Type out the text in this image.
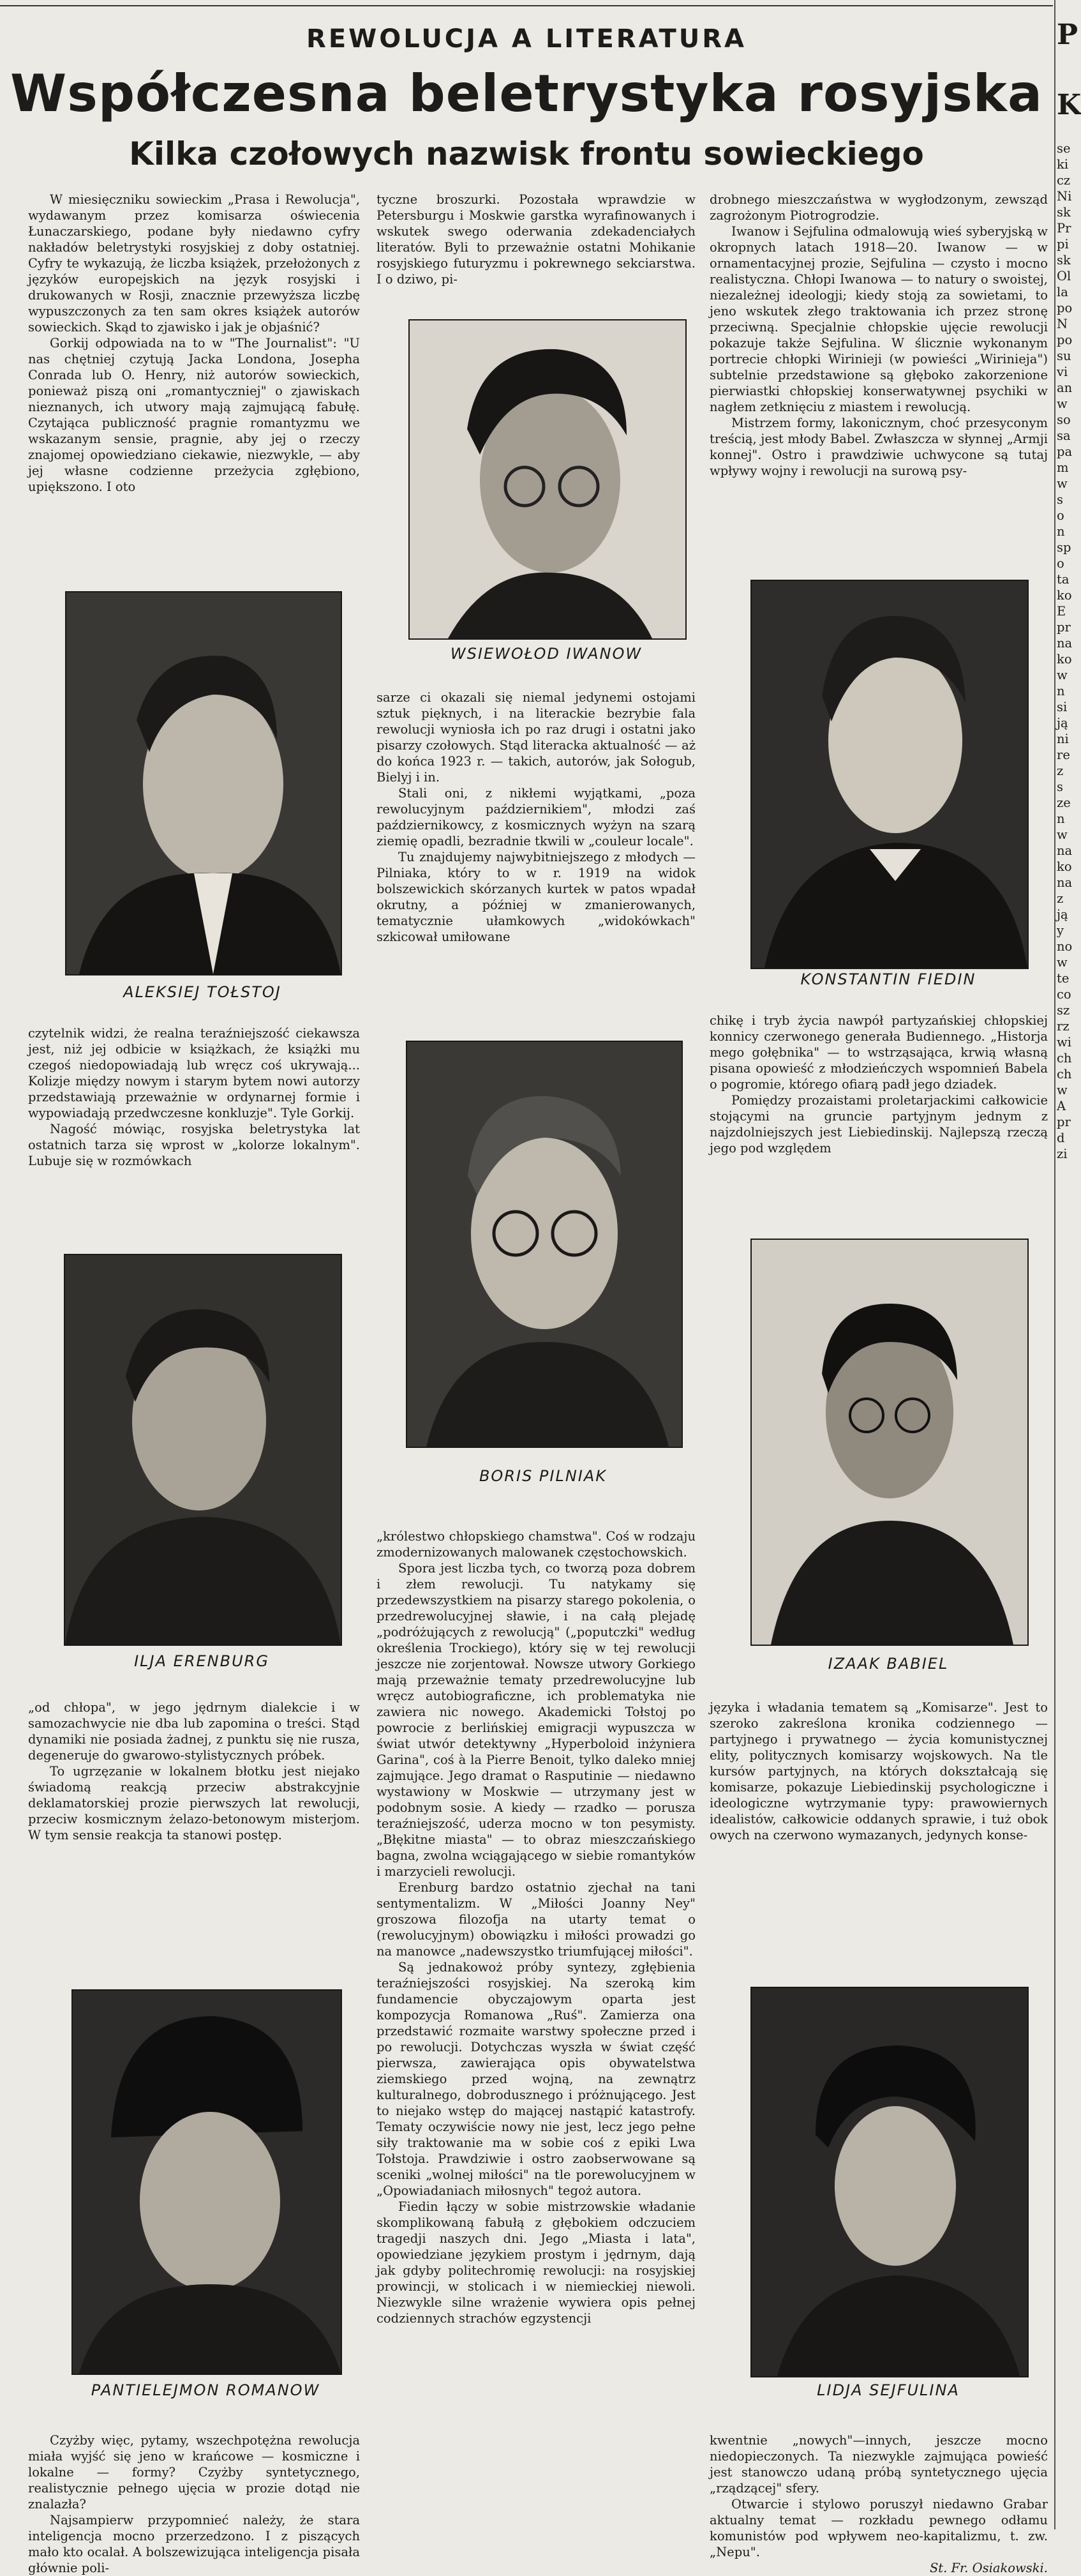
REWOLUCJA A LITERATURA
Współczesna beletrystyka rosyjska
Kilka czołowych nazwisk frontu sowieckiego

W miesięczniku sowieckim „Prasa i Rewolucja", wydawanym przez komisarza oświecenia Łunaczarskiego, podane były niedawno cyfry nakładów beletrystyki rosyjskiej z doby ostatniej. Cyfry te wykazują, że liczba książek, przełożonych z języków europejskich na język rosyjski i drukowanych w Rosji, znacznie przewyższa liczbę wypuszczonych za ten sam okres książek autorów sowieckich. Skąd to zjawisko i jak je objaśnić?

Gorkij odpowiada na to w "The Journalist": "U nas chętniej czytują Jacka Londona, Josepha Conrada lub O. Henry, niż autorów sowieckich, ponieważ piszą oni „romantyczniej" o zjawiskach nieznanych, ich utwory mają zajmującą fabułę. Czytająca publiczność pragnie romantyzmu we wskazanym sensie, pragnie, aby jej o rzeczy znajomej opowiedziano ciekawie, niezwykle, — aby jej własne codzienne przeżycia zgłębiono, upiększono. I oto

ALEKSIEJ TOŁSTOJ

czytelnik widzi, że realna teraźniejszość ciekawsza jest, niż jej odbicie w książkach, że książki mu czegoś niedopowiadają lub wręcz coś ukrywają... Kolizje między nowym i starym bytem nowi autorzy przedstawiają przeważnie w ordynarnej formie i wypowiadają przedwczesne konkluzje". Tyle Gorkij.

Nagość mówiąc, rosyjska beletrystyka lat ostatnich tarza się wprost w „kolorze lokalnym". Lubuje się w rozmówkach

ILJA ERENBURG

„od chłopa", w jego jędrnym dialekcie i w samozachwycie nie dba lub zapomina o treści. Stąd dynamiki nie posiada żadnej, z punktu się nie rusza, degeneruje do gwarowo-stylistycznych próbek.

To ugrzęzanie w lokalnem błotku jest niejako świadomą reakcją przeciw abstrakcyjnie deklamatorskiej prozie pierwszych lat rewolucji, przeciw kosmicznym żelazo-betonowym misterjom. W tym sensie reakcja ta stanowi postęp.

PANTIELEJMON ROMANOW

Czyżby więc, pytamy, wszechpotężna rewolucja miała wyjść się jeno w krańcowe — kosmiczne i lokalne — formy? Czyżby syntetycznego, realistycznie pełnego ujęcia w prozie dotąd nie znalazła?

Najsampierw przypomnieć należy, że stara inteligencja mocno przerzedzono. I z piszących mało kto ocalał. A bolszewizująca inteligencja pisała głównie poli-

tyczne broszurki. Pozostała wprawdzie w Petersburgu i Moskwie garstka wyrafinowanych i wskutek swego oderwania zdekadenciałych literatów. Byli to przeważnie ostatni Mohikanie rosyjskiego futuryzmu i pokrewnego sekciarstwa. I o dziwo, pi-

WSIEWOŁOD IWANOW

sarze ci okazali się niemal jedynemi ostojami sztuk pięknych, i na literackie bezrybie fala rewolucji wyniosła ich po raz drugi i ostatni jako pisarzy czołowych. Stąd literacka aktualność — aż do końca 1923 r. — takich, autorów, jak Sołogub, Bielyj i in.

Stali oni, z nikłemi wyjątkami, „poza rewolucyjnym październikiem", młodzi zaś październikowcy, z kosmicznych wyżyn na szarą ziemię opadli, bezradnie tkwili w „couleur locale".

Tu znajdujemy najwybitniejszego z młodych — Pilniaka, który to w r. 1919 na widok bolszewickich skórzanych kurtek w patos wpadał okrutny, a później w zmanierowanych, tematycznie ułamkowych „widokówkach" szkicował umiłowane

BORIS PILNIAK

„królestwo chłopskiego chamstwa". Coś w rodzaju zmodernizowanych malowanek częstochowskich.

Spora jest liczba tych, co tworzą poza dobrem i złem rewolucji. Tu natykamy się przedewszystkiem na pisarzy starego pokolenia, o przedrewolucyjnej sławie, i na całą plejadę „podróżujących z rewolucją" („poputczki" według określenia Trockiego), który się w tej rewolucji jeszcze nie zorjentował. Nowsze utwory Gorkiego mają przeważnie tematy przedrewolucyjne lub wręcz autobiograficzne, ich problematyka nie zawiera nic nowego. Akademicki Tołstoj po powrocie z berlińskiej emigracji wypuszcza w świat utwór detektywny „Hyperboloid inżyniera Garina", coś à la Pierre Benoit, tylko daleko mniej zajmujące. Jego dramat o Rasputinie — niedawno wystawiony w Moskwie — utrzymany jest w podobnym sosie. A kiedy — rzadko — porusza teraźniejszość, uderza mocno w ton pesymisty. „Błękitne miasta" — to obraz mieszczańskiego bagna, zwolna wciągającego w siebie romantyków i marzycieli rewolucji.

Erenburg bardzo ostatnio zjechał na tani sentymentalizm. W „Miłości Joanny Ney" groszowa filozofja na utarty temat o (rewolucyjnym) obowiązku i miłości prowadzi go na manowce „nadewszystko triumfującej miłości".

Są jednakowoż próby syntezy, zgłębienia teraźniejszości rosyjskiej. Na szeroką kim fundamencie obyczajowym oparta jest kompozycja Romanowa „Ruś". Zamierza ona przedstawić rozmaite warstwy społeczne przed i po rewolucji. Dotychczas wyszła w świat część pierwsza, zawierająca opis obywatelstwa ziemskiego przed wojną, na zewnątrz kulturalnego, dobrodusznego i próżnującego. Jest to niejako wstęp do mającej nastąpić katastrofy. Tematy oczywiście nowy nie jest, lecz jego pełne siły traktowanie ma w sobie coś z epiki Lwa Tołstoja. Prawdziwie i ostro zaobserwowane są sceniki „wolnej miłości" na tle porewolucyjnem w „Opowiadaniach miłosnych" tegoż autora.

Fiedin łączy w sobie mistrzowskie władanie skomplikowaną fabułą z głębokiem odczuciem tragedji naszych dni. Jego „Miasta i lata", opowiedziane językiem prostym i jędrnym, dają jak gdyby politechromię rewolucji: na rosyjskiej prowincji, w stolicach i w niemieckiej niewoli. Niezwykle silne wrażenie wywiera opis pełnej codziennych strachów egzystencji

drobnego mieszczaństwa w wygłodzonym, zewsząd zagrożonym Piotrogrodzie.

Iwanow i Sejfulina odmalowują wieś syberyjską w okropnych latach 1918—20. Iwanow — w ornamentacyjnej prozie, Sejfulina — czysto i mocno realistyczna. Chłopi Iwanowa — to natury o swoistej, niezależnej ideologji; kiedy stoją za sowietami, to jeno wskutek złego traktowania ich przez stronę przeciwną. Specjalnie chłopskie ujęcie rewolucji pokazuje także Sejfulina. W ślicznie wykonanym portrecie chłopki Wirinieji (w powieści „Wirinieja") subtelnie przedstawione są głęboko zakorzenione pierwiastki chłopskiej konserwatywnej psychiki w nagłem zetknięciu z miastem i rewolucją.

Mistrzem formy, lakonicznym, choć przesyconym treścią, jest młody Babel. Zwłaszcza w słynnej „Armji konnej". Ostro i prawdziwie uchwycone są tutaj wpływy wojny i rewolucji na surową psy-

KONSTANTIN FIEDIN

chikę i tryb życia nawpół partyzańskiej chłopskiej konnicy czerwonego generała Budiennego. „Historja mego gołębnika" — to wstrząsająca, krwią własną pisana opowieść z młodzieńczych wspomnień Babela o pogromie, którego ofiarą padł jego dziadek.

Pomiędzy prozaistami proletarjackimi całkowicie stojącymi na gruncie partyjnym jednym z najzdolniejszych jest Liebiedinskij. Najlepszą rzeczą jego pod względem

IZAAK BABIEL

języka i władania tematem są „Komisarze". Jest to szeroko zakreślona kronika codziennego — partyjnego i prywatnego — życia komunistycznej elity, politycznych komisarzy wojskowych. Na tle kursów partyjnych, na których dokształcają się komisarze, pokazuje Liebiedinskij psychologiczne i ideologiczne wytrzymanie typy: prawowiernych idealistów, całkowicie oddanych sprawie, i tuż obok owych na czerwono wymazanych, jedynych konse-

LIDJA SEJFULINA

kwentnie „nowych"—innych, jeszcze mocno niedopieczonych. Ta niezwykle zajmująca powieść jest stanowczo udaną próbą syntetycznego ujęcia „rządzącej" sfery.

Otwarcie i stylowo poruszył niedawno Grabar aktualny temat — rozkładu pewnego odłamu komunistów pod wpływem neo-kapitalizmu, t. zw. „Nepu".

St. Fr. Osiakowski.

P
K
se
ki
cz
Ni
sk
Pr
pi
sk
Ol
la
po
N
po
su
vi
an
w
so
sa
pa
m
w
s
o
n
sp
o
ta
ko
E
pr
na
ko
w
n
si
ją
ni
re
z
s
ze
n
w
na
ko
na
z
ją
y
no
w
te
co
sz
rz
wi
ch
ch
w
A
pr
d
zi
